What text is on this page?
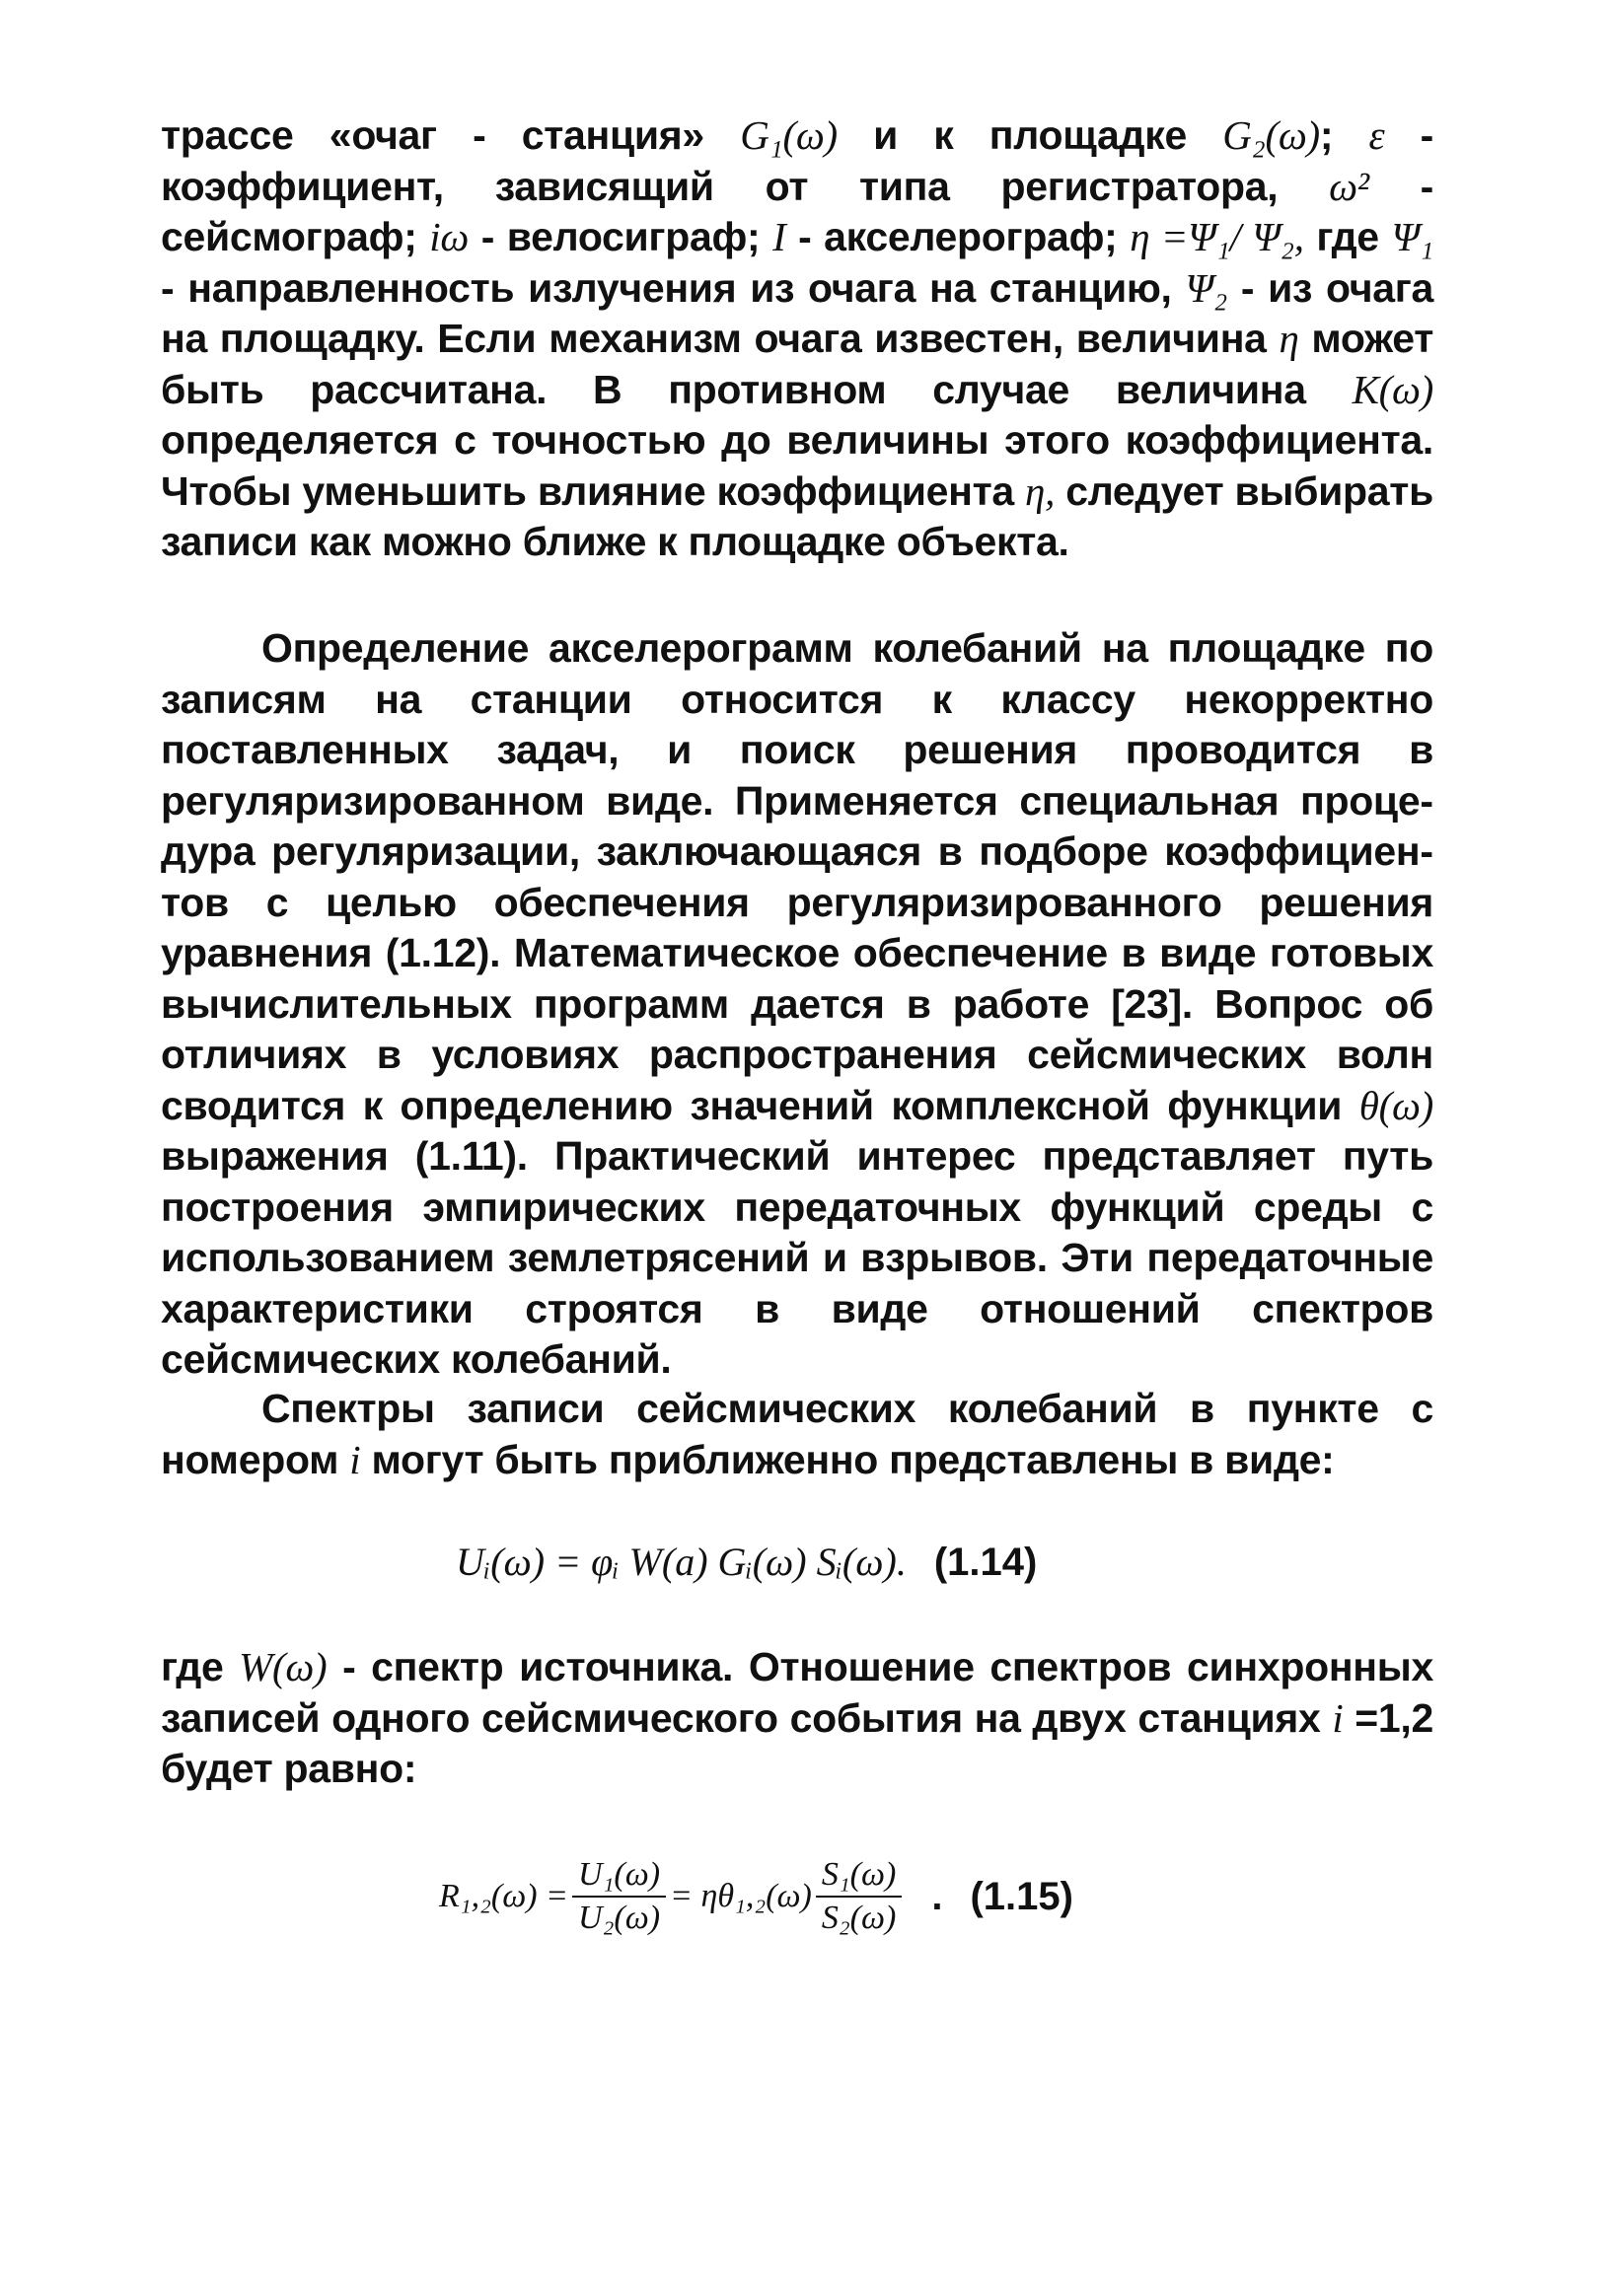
трассе «очаг - станция» G₁(ω) и к площадке G₂(ω); ε - коэффициент, зависящий от типа регистратора, ω² - сейсмограф; iω - велосиграф; I - акселерограф; η =Ψ₁/ Ψ₂, где Ψ₁ - направленность излучения из очага на станцию, Ψ₂ - из очага на площадку. Если механизм очага известен, величина η может быть рассчитана. В противном случае величина K(ω) определяется с точностью до величины этого коэффициента. Чтобы уменьшить влияние коэффициента η, следует выбирать записи как можно ближе к площадке объекта.

Определение акселерограмм колебаний на площадке по записям на станции относится к классу некорректно поставленных задач, и поиск решения проводится в регуляризированном виде. Применяется специальная процедура регуляризации, заключающаяся в подборе коэффициентов с целью обеспечения регуляризированного решения уравнения (1.12). Математическое обеспечение в виде готовых вычислительных программ дается в работе [23]. Вопрос об отличиях в условиях распространения сейсмических волн сводится к определению значений комплексной функции θ(ω) выражения (1.11). Практический интерес представляет путь построения эмпирических передаточных функций среды с использованием землетрясений и взрывов. Эти передаточные характеристики строятся в виде отношений спектров сейсмических колебаний.

Спектры записи сейсмических колебаний в пункте с номером i могут быть приближенно представлены в виде:

Uᵢ(ω) = φᵢ W(a) Gᵢ(ω) Sᵢ(ω). (1.14)

где W(ω) - спектр источника. Отношение спектров синхронных записей одного сейсмического события на двух станциях i =1,2 будет равно:

$R_1,_2(\omega) = \frac{\text{U₁(ω)}}{\text{U₂(ω)}} = \eta\theta_1,_2(\omega) \frac{\text{S₁(ω)}}{\text{S₂(ω)}}$ . (1.15)
